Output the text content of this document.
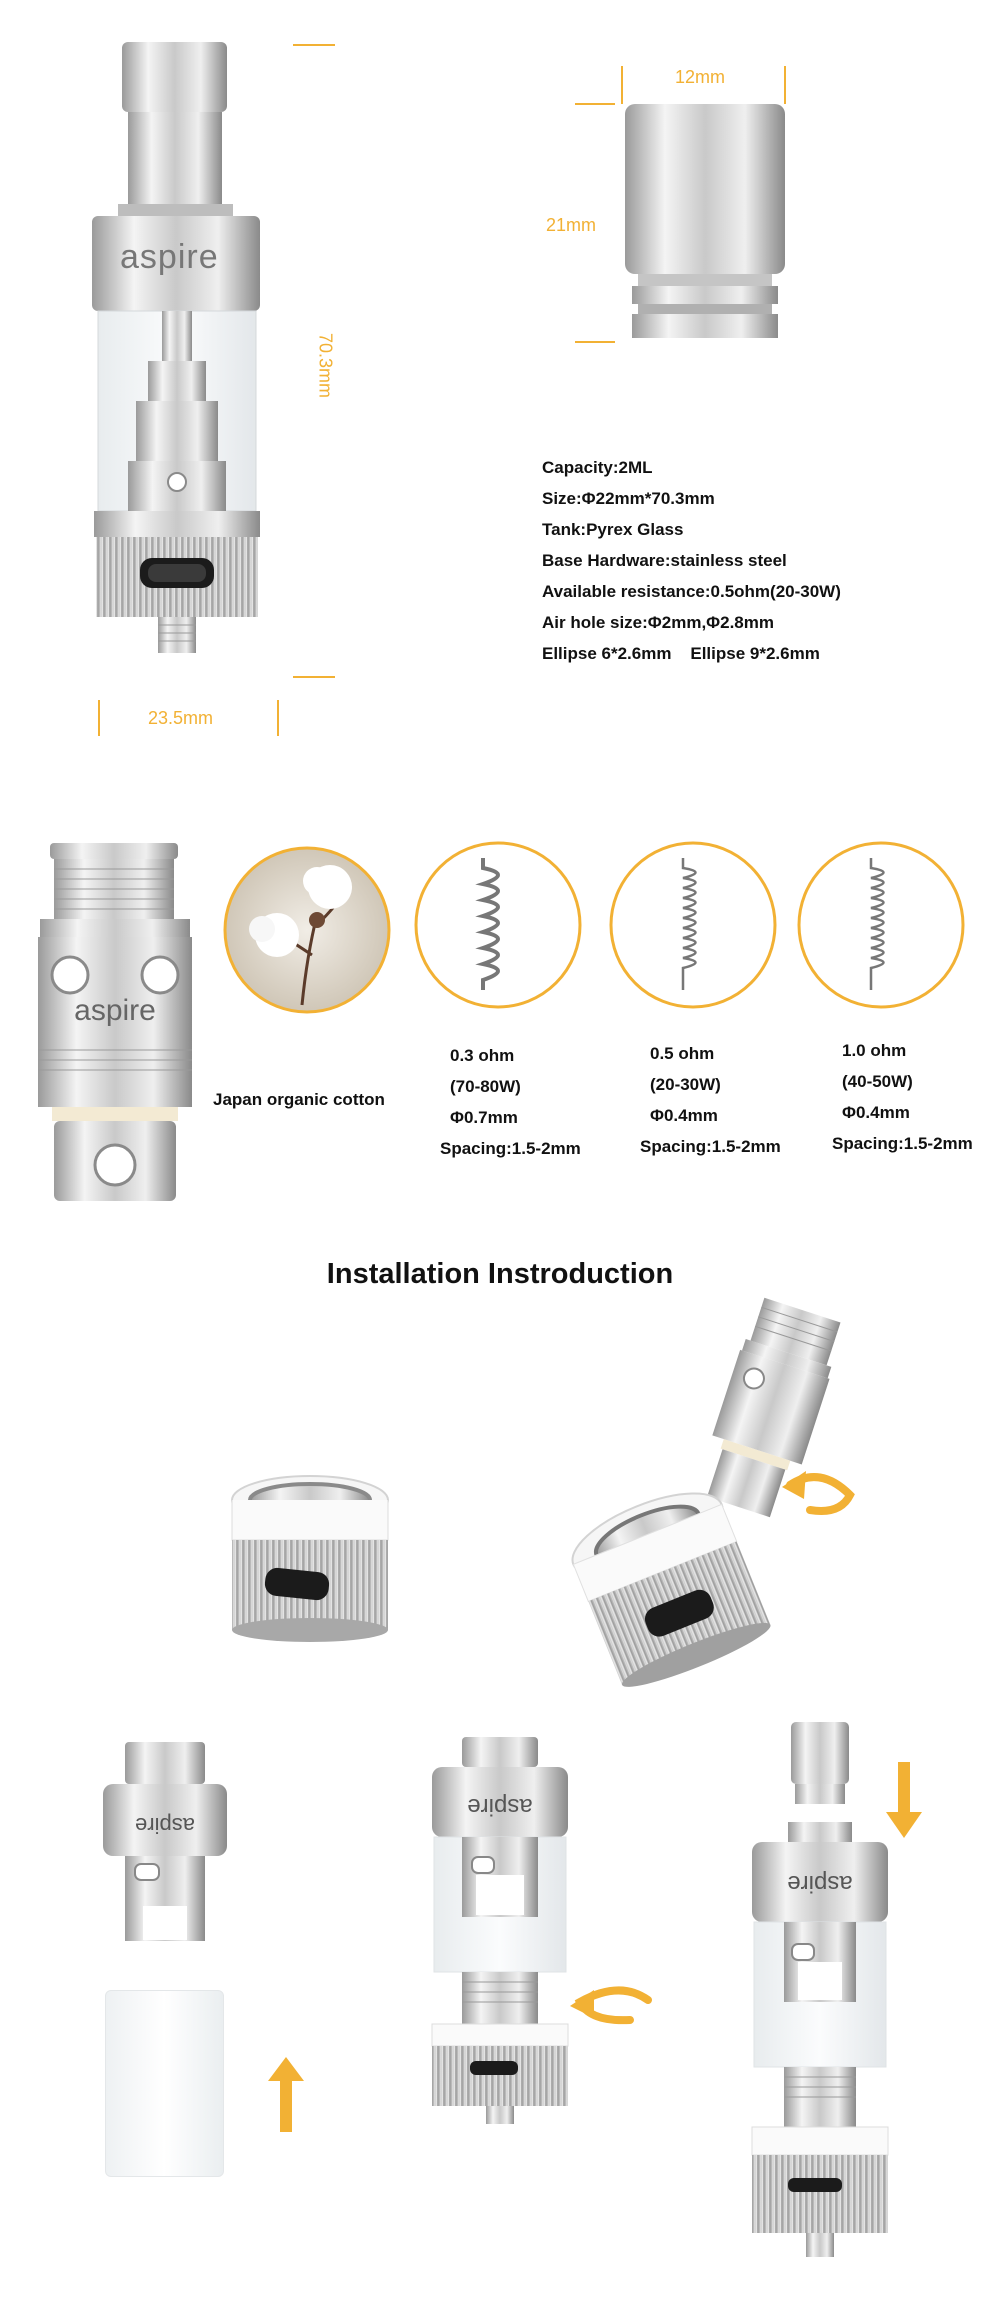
aspire
70.3mm
23.5mm
12mm
21mm
Capacity:2ML
Size:Φ22mm*70.3mm
Tank:Pyrex Glass
Base Hardware:stainless steel
Available resistance:0.5ohm(20-30W)
Air hole size:Φ2mm,Φ2.8mm
Ellipse 6*2.6mm    Ellipse 9*2.6mm
aspire
Japan organic cotton
0.3 ohm
(70-80W)
Φ0.7mm
Spacing:1.5-2mm
0.5 ohm
(20-30W)
Φ0.4mm
Spacing:1.5-2mm
1.0 ohm
(40-50W)
Φ0.4mm
Spacing:1.5-2mm
Installation Instroduction
aspire
aspire
aspire
